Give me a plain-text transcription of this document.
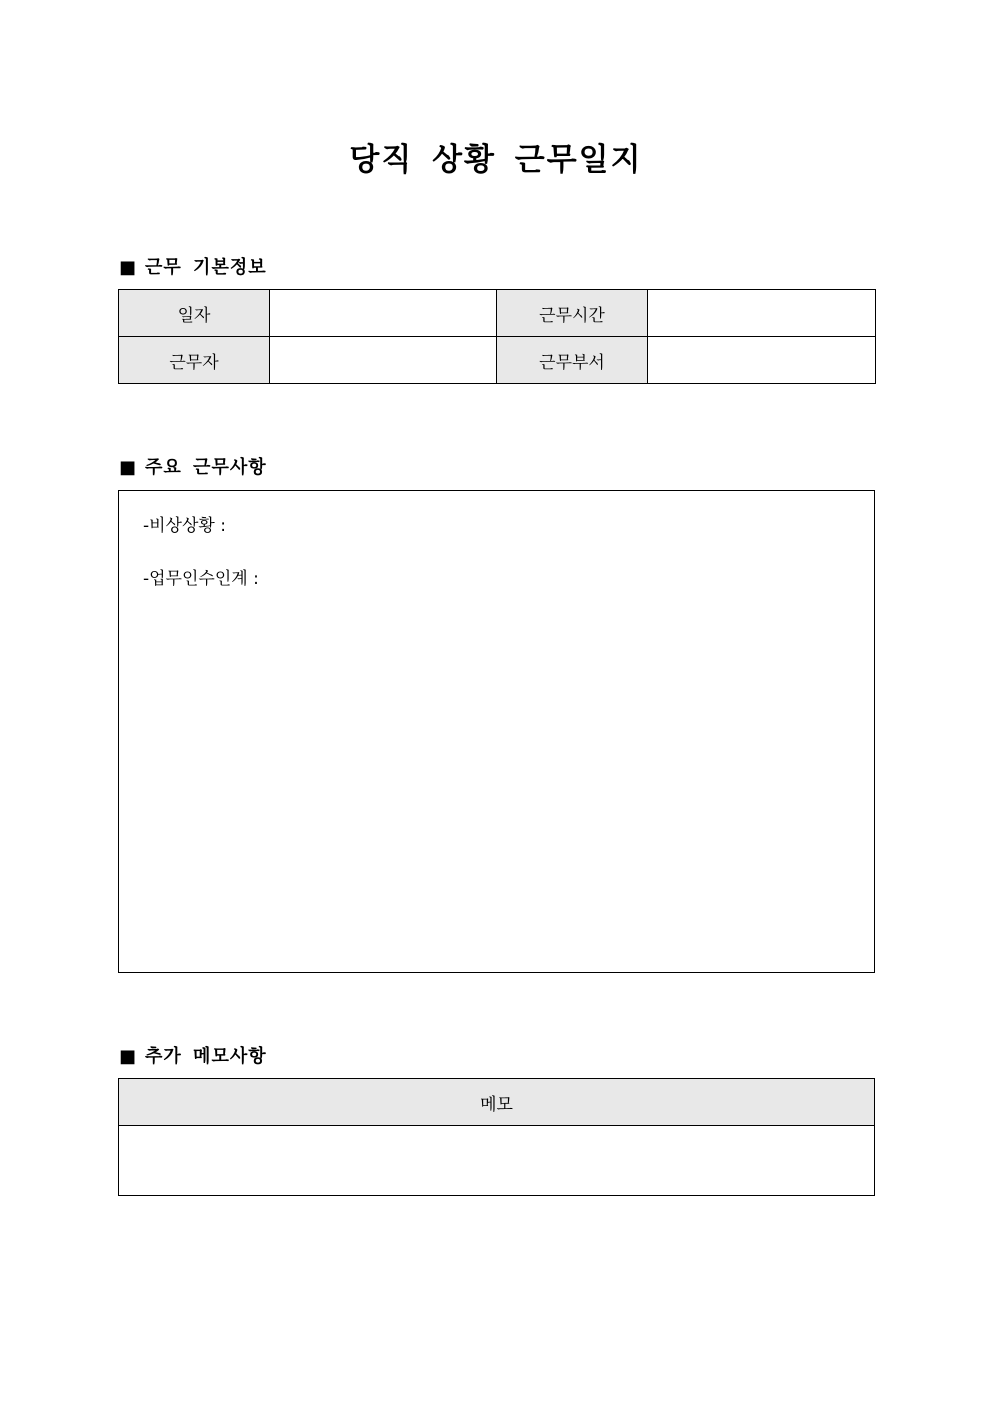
당직 상황 근무일지
■ 근무 기본정보
일자		근무시간	
근무자		근무부서	
■ 주요 근무사항
-비상상황 :
-업무인수인계 :
■ 추가 메모사항
메모
